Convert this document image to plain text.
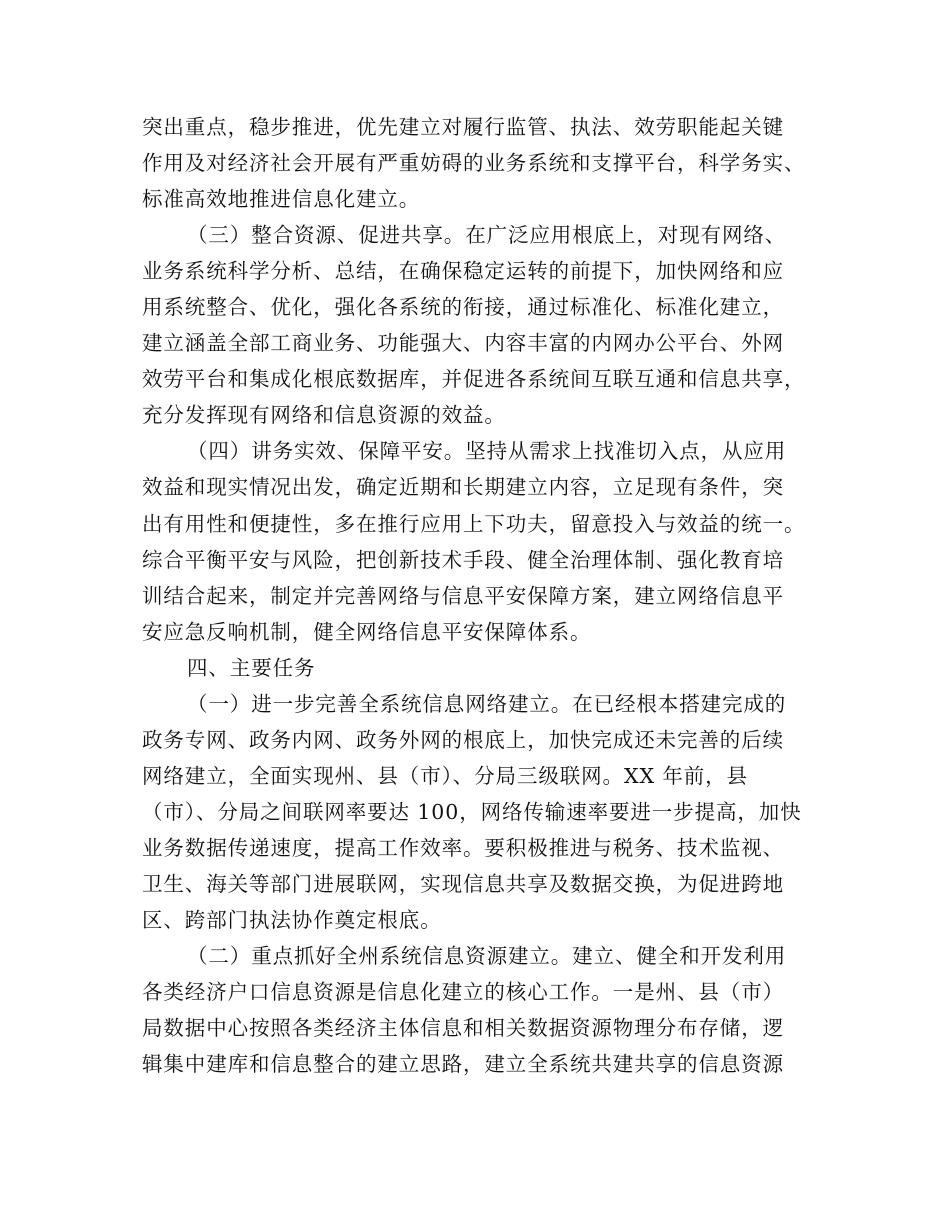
突出重点，稳步推进，优先建立对履行监管、执法、效劳职能起关键
作用及对经济社会开展有严重妨碍的业务系统和支撑平台，科学务实、
标准高效地推进信息化建立。
（三）整合资源、促进共享。在广泛应用根底上，对现有网络、
业务系统科学分析、总结，在确保稳定运转的前提下，加快网络和应
用系统整合、优化，强化各系统的衔接，通过标准化、标准化建立，
建立涵盖全部工商业务、功能强大、内容丰富的内网办公平台、外网
效劳平台和集成化根底数据库，并促进各系统间互联互通和信息共享，
充分发挥现有网络和信息资源的效益。
（四）讲务实效、保障平安。坚持从需求上找准切入点，从应用
效益和现实情况出发，确定近期和长期建立内容，立足现有条件，突
出有用性和便捷性，多在推行应用上下功夫，留意投入与效益的统一。
综合平衡平安与风险，把创新技术手段、健全治理体制、强化教育培
训结合起来，制定并完善网络与信息平安保障方案，建立网络信息平
安应急反响机制，健全网络信息平安保障体系。
四、主要任务
（一）进一步完善全系统信息网络建立。在已经根本搭建完成的
政务专网、政务内网、政务外网的根底上，加快完成还未完善的后续
网络建立，全面实现州、县（市）、分局三级联网。XX 年前，县
（市）、分局之间联网率要达 100，网络传输速率要进一步提高，加快
业务数据传递速度，提高工作效率。要积极推进与税务、技术监视、
卫生、海关等部门进展联网，实现信息共享及数据交换，为促进跨地
区、跨部门执法协作奠定根底。
（二）重点抓好全州系统信息资源建立。建立、健全和开发利用
各类经济户口信息资源是信息化建立的核心工作。一是州、县（市）
局数据中心按照各类经济主体信息和相关数据资源物理分布存储，逻
辑集中建库和信息整合的建立思路，建立全系统共建共享的信息资源
